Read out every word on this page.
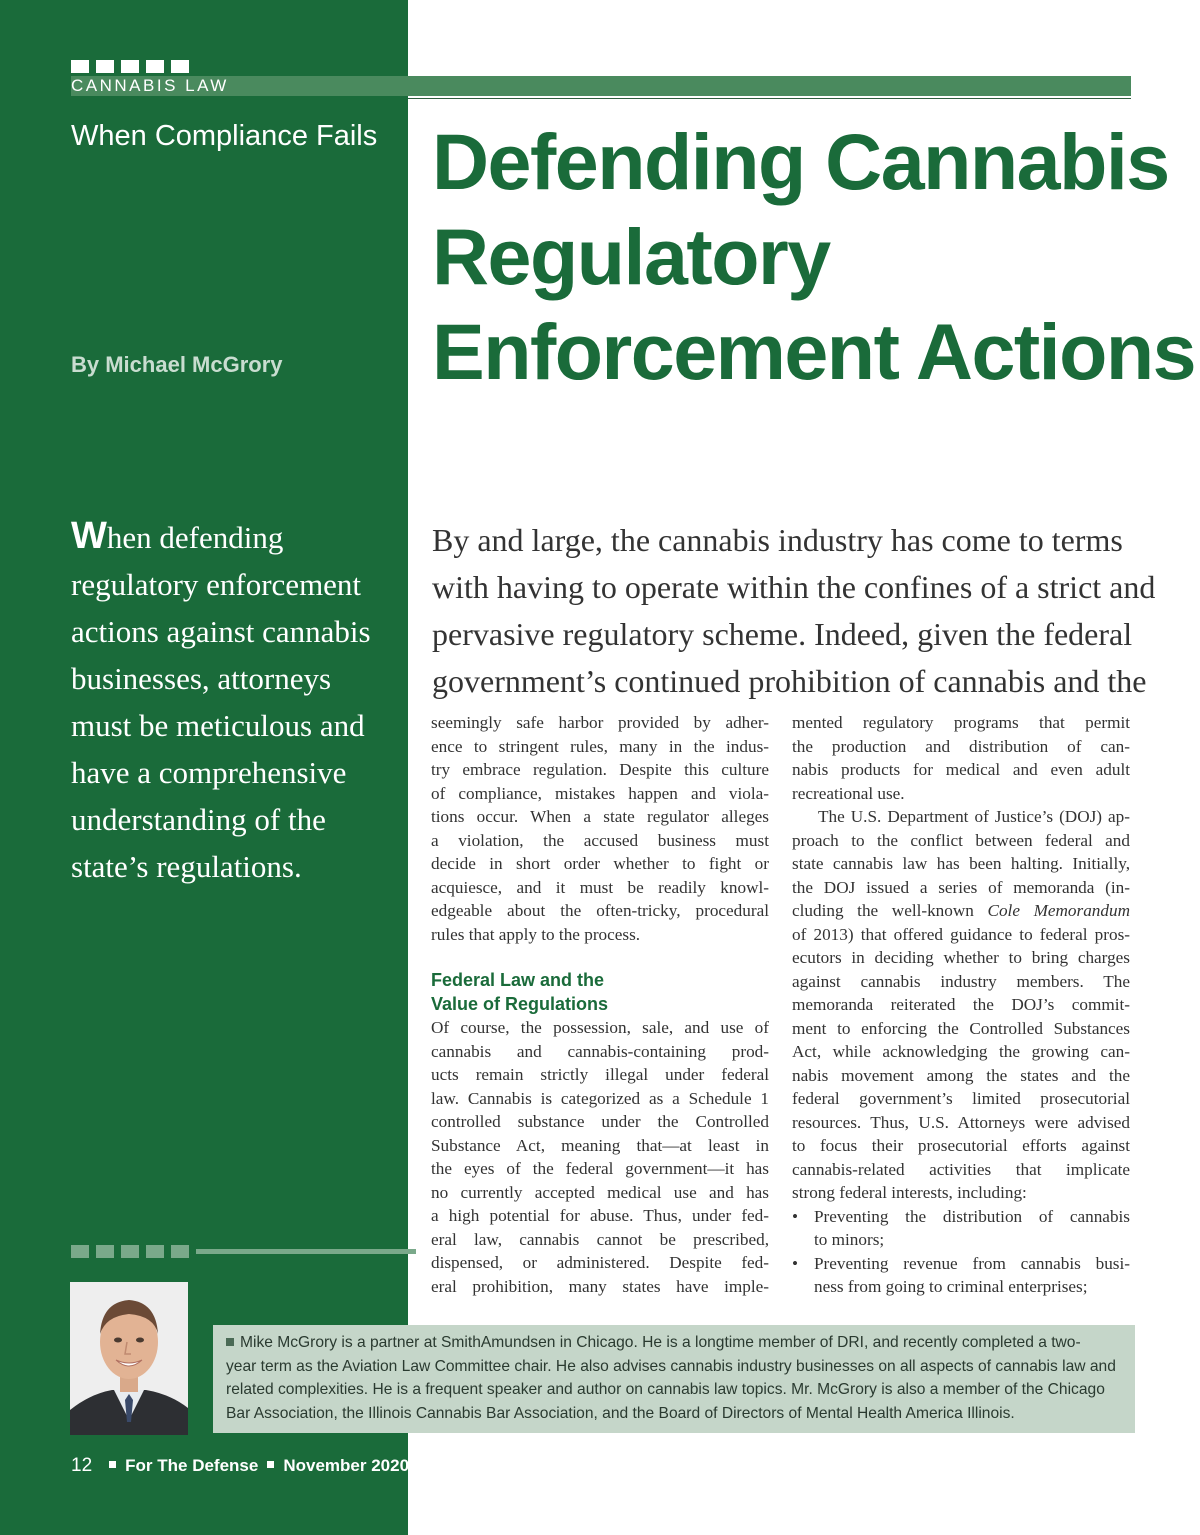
CANNABIS LAW
When Compliance Fails
By Michael McGrory
Defending Cannabis
Regulatory
Enforcement Actions
When defending
regulatory enforcement
actions against cannabis
businesses, attorneys
must be meticulous and
have a comprehensive
understanding of the
state’s regulations.
By and large, the cannabis industry has come to terms
with having to operate within the confines of a strict and
pervasive regulatory scheme. Indeed, given the federal
government’s continued prohibition of cannabis and the
seemingly safe harbor provided by adher-
ence to stringent rules, many in the indus-
try embrace regulation. Despite this culture
of compliance, mistakes happen and viola-
tions occur. When a state regulator alleges
a violation, the accused business must
decide in short order whether to fight or
acquiesce, and it must be readily knowl-
edgeable about the often-tricky, procedural
rules that apply to the process.
Federal Law and the
Value of Regulations
Of course, the possession, sale, and use of
cannabis and cannabis-containing prod-
ucts remain strictly illegal under federal
law. Cannabis is categorized as a Schedule 1
controlled substance under the Controlled
Substance Act, meaning that—at least in
the eyes of the federal government—it has
no currently accepted medical use and has
a high potential for abuse. Thus, under fed-
eral law, cannabis cannot be prescribed,
dispensed, or administered. Despite fed-
eral prohibition, many states have imple-
mented regulatory programs that permit
the production and distribution of can-
nabis products for medical and even adult
recreational use.
The U.S. Department of Justice’s (DOJ) ap-
proach to the conflict between federal and
state cannabis law has been halting. Initially,
the DOJ issued a series of memoranda (in-
cluding the well-known Cole Memorandum
of 2013) that offered guidance to federal pros-
ecutors in deciding whether to bring charges
against cannabis industry members. The
memoranda reiterated the DOJ’s commit-
ment to enforcing the Controlled Substances
Act, while acknowledging the growing can-
nabis movement among the states and the
federal government’s limited prosecutorial
resources. Thus, U.S. Attorneys were advised
to focus their prosecutorial efforts against
cannabis-related activities that implicate
strong federal interests, including:
• Preventing the distribution of cannabis
to minors;
• Preventing revenue from cannabis busi-
ness from going to criminal enterprises;
Mike McGrory is a partner at SmithAmundsen in Chicago. He is a longtime member of DRI, and recently completed a two-
year term as the Aviation Law Committee chair. He also advises cannabis industry businesses on all aspects of cannabis law and
related complexities. He is a frequent speaker and author on cannabis law topics. Mr. McGrory is also a member of the Chicago
Bar Association, the Illinois Cannabis Bar Association, and the Board of Directors of Mental Health America Illinois.
12 For The Defense November 2020
